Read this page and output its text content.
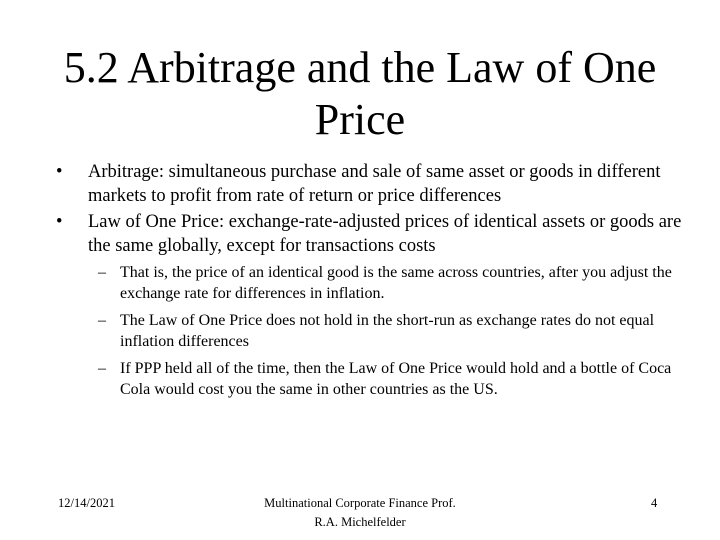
5.2 Arbitrage and the Law of One
Price
• Arbitrage: simultaneous purchase and sale of same asset or goods in different markets to profit from rate of return or price differences
• Law of One Price: exchange-rate-adjusted prices of identical assets or goods are the same globally, except for transactions costs
– That is, the price of an identical good is the same across countries, after you adjust the exchange rate for differences in inflation.
– The Law of One Price does not hold in the short-run as exchange rates do not equal inflation differences
– If PPP held all of the time, then the Law of One Price would hold and a bottle of Coca Cola would cost you the same in other countries as the US.
12/14/2021	Multinational Corporate Finance Prof.
R.A. Michelfelder
4
